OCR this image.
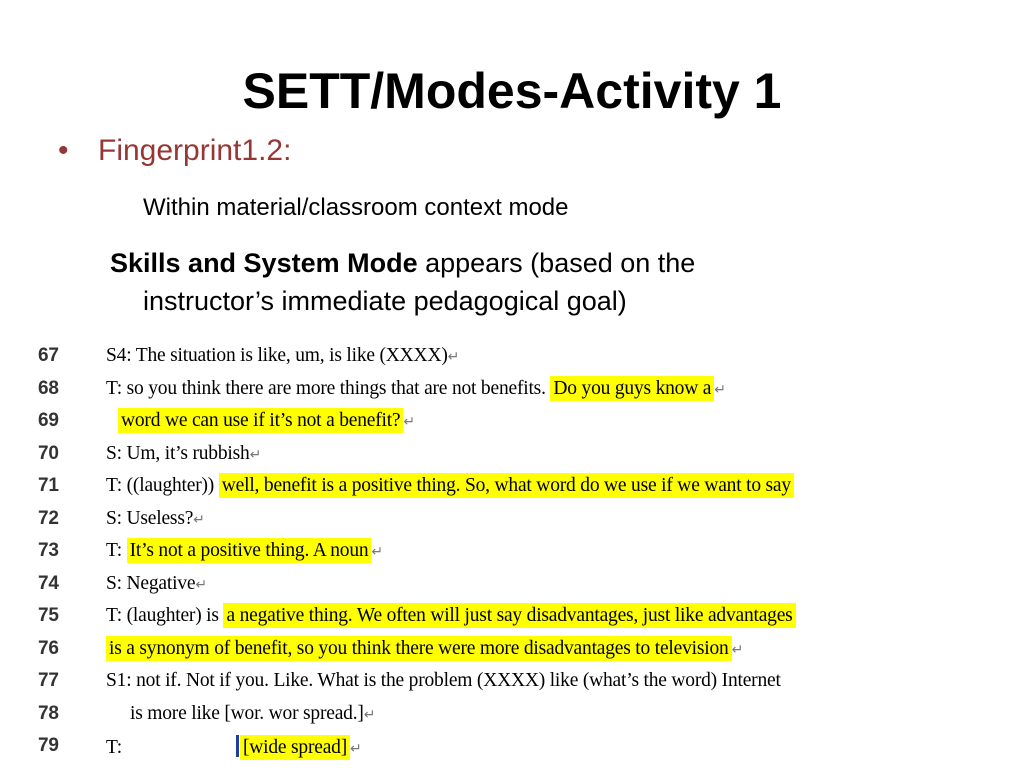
SETT/Modes-Activity 1
• Fingerprint1.2:
Within material/classroom context mode
Skills and System Mode appears (based on the
instructor’s immediate pedagogical goal)
67	S4: The situation is like, um, is like (XXXX)↵
68	T: so you think there are more things that are not benefits. Do you guys know a ↵
69	word we can use if it’s not a benefit? ↵
70	S: Um, it’s rubbish↵
71	T: ((laughter)) well, benefit is a positive thing. So, what word do we use if we want to say
72	S: Useless?↵
73	T: It’s not a positive thing. A noun ↵
74	S: Negative↵
75	T: (laughter) is a negative thing. We often will just say disadvantages, just like advantages
76	is a synonym of benefit, so you think there were more disadvantages to television ↵
77	S1: not if. Not if you. Like. What is the problem (XXXX) like (what’s the word) Internet
78	is more like [wor. wor spread.]↵
79	T:	[wide spread] ↵
